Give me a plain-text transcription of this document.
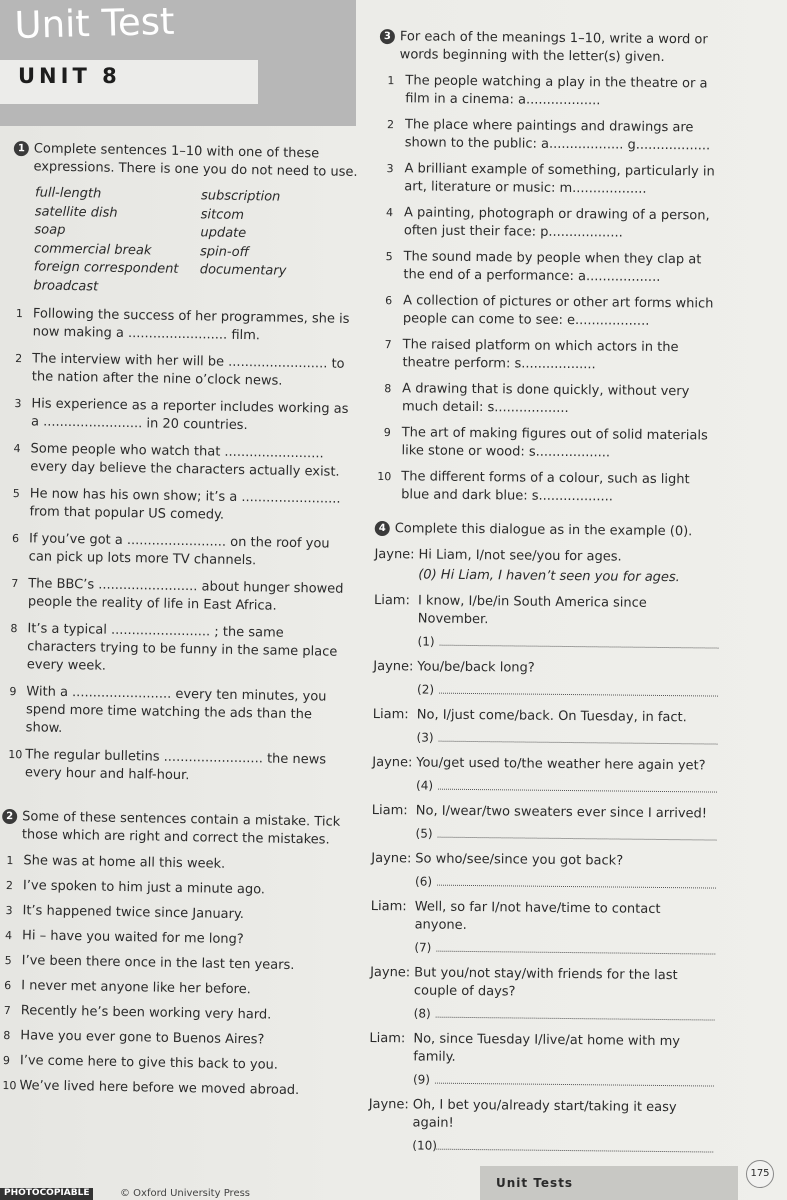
Unit Test
UNIT 8
1 Complete sentences 1–10 with one of these expressions. There is one you do not need to use.
full-length	subscription
satellite dish	sitcom
soap	update
commercial break	spin-off
foreign correspondent	documentary
broadcast
1 Following the success of her programmes, she is now making a ........................ film.
2 The interview with her will be ........................ to the nation after the nine o’clock news.
3 His experience as a reporter includes working as a ........................ in 20 countries.
4 Some people who watch that ........................ every day believe the characters actually exist.
5 He now has his own show; it’s a ........................ from that popular US comedy.
6 If you’ve got a ........................ on the roof you can pick up lots more TV channels.
7 The BBC’s ........................ about hunger showed people the reality of life in East Africa.
8 It’s a typical ........................ ; the same characters trying to be funny in the same place every week.
9 With a ........................ every ten minutes, you spend more time watching the ads than the show.
10 The regular bulletins ........................ the news every hour and half-hour.
2 Some of these sentences contain a mistake. Tick those which are right and correct the mistakes.
1 She was at home all this week.
2 I’ve spoken to him just a minute ago.
3 It’s happened twice since January.
4 Hi – have you waited for me long?
5 I’ve been there once in the last ten years.
6 I never met anyone like her before.
7 Recently he’s been working very hard.
8 Have you ever gone to Buenos Aires?
9 I’ve come here to give this back to you.
10 We’ve lived here before we moved abroad.
3 For each of the meanings 1–10, write a word or words beginning with the letter(s) given.
1 The people watching a play in the theatre or a film in a cinema: a..................
2 The place where paintings and drawings are shown to the public: a.................. g..................
3 A brilliant example of something, particularly in art, literature or music: m..................
4 A painting, photograph or drawing of a person, often just their face: p..................
5 The sound made by people when they clap at the end of a performance: a..................
6 A collection of pictures or other art forms which people can come to see: e..................
7 The raised platform on which actors in the theatre perform: s..................
8 A drawing that is done quickly, without very much detail: s..................
9 The art of making figures out of solid materials like stone or wood: s..................
10 The different forms of a colour, such as light blue and dark blue: s..................
4 Complete this dialogue as in the example (0).
Jayne: Hi Liam, I/not see/you for ages.
(0) Hi Liam, I haven’t seen you for ages.
Liam: I know, I/be/in South America since November.
(1)
Jayne: You/be/back long?
(2)
Liam: No, I/just come/back. On Tuesday, in fact.
(3)
Jayne: You/get used to/the weather here again yet?
(4)
Liam: No, I/wear/two sweaters ever since I arrived!
(5)
Jayne: So who/see/since you got back?
(6)
Liam: Well, so far I/not have/time to contact anyone.
(7)
Jayne: But you/not stay/with friends for the last couple of days?
(8)
Liam: No, since Tuesday I/live/at home with my family.
(9)
Jayne: Oh, I bet you/already start/taking it easy again!
(10)
Unit Tests
175
PHOTOCOPIABLE	© Oxford University Press
